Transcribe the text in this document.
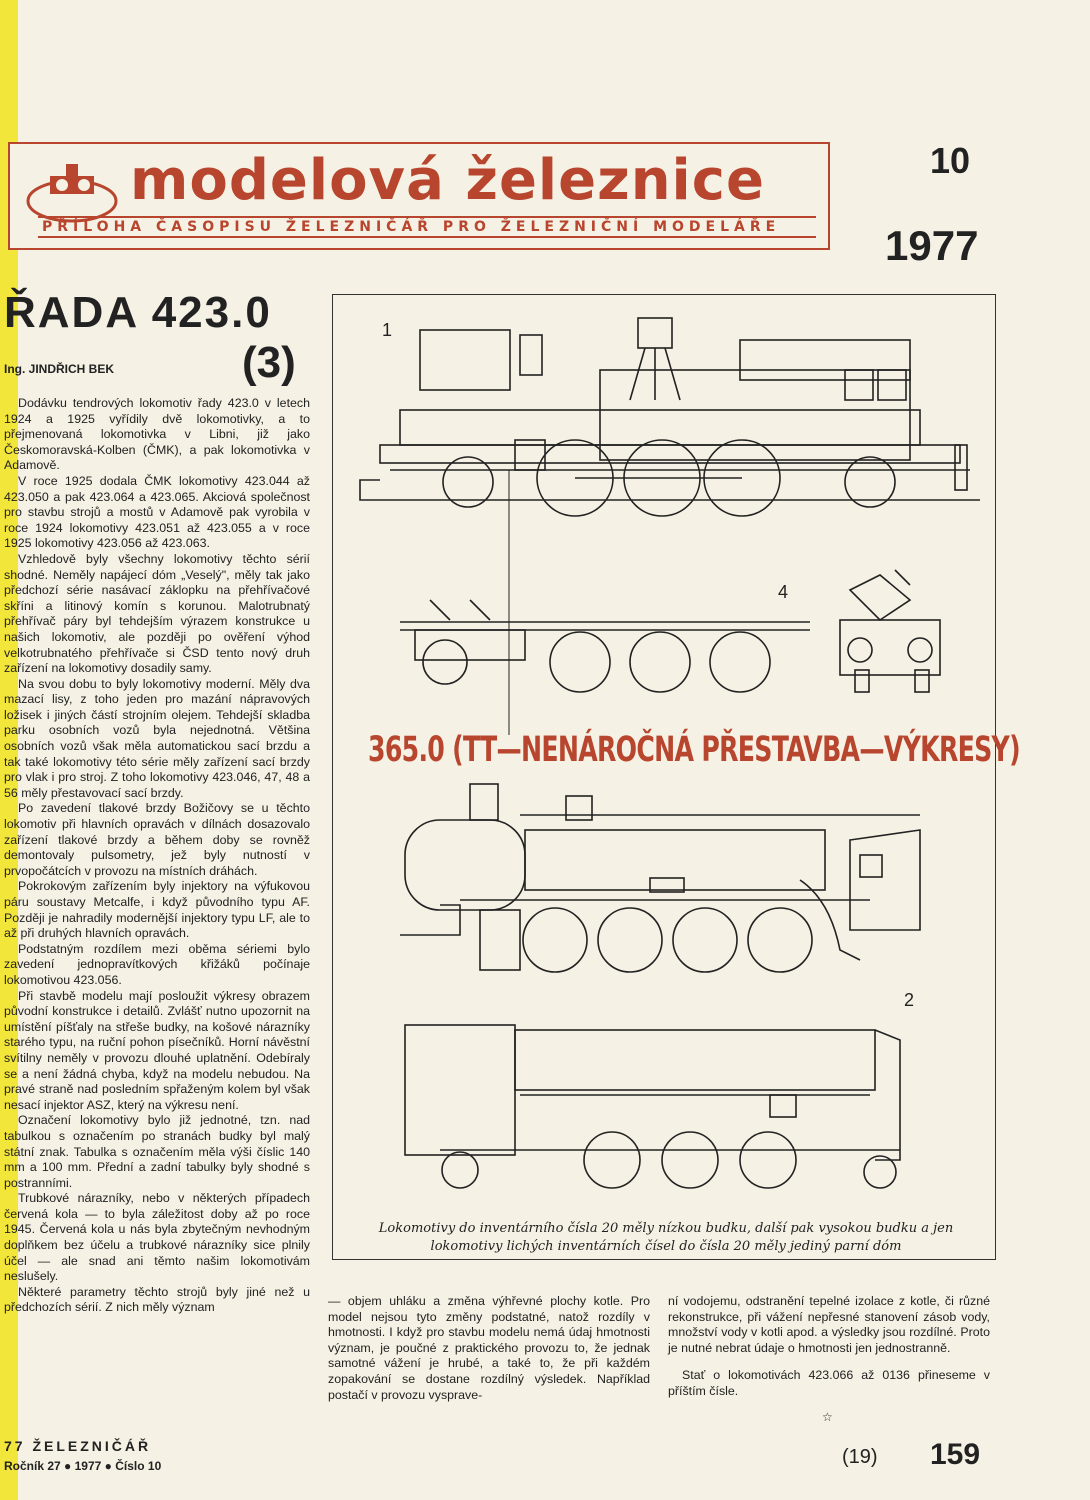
modelová železnice
PŘÍLOHA ČASOPISU ŽELEZNIČÁŘ PRO ŽELEZNIČNÍ MODELÁŘE
10
1977
ŘADA 423.0
Ing. JINDŘICH BEK	(3)

Dodávku tendrových lokomotiv řady 423.0 v letech 1924 a 1925 vyřídily dvě lokomotivky, a to přejmenovaná lokomotivka v Libni, již jako Českomoravská-Kolben (ČMK), a pak lokomotivka v Adamově.

V roce 1925 dodala ČMK lokomotivy 423.044 až 423.050 a pak 423.064 a 423.065. Akciová společnost pro stavbu strojů a mostů v Adamově pak vyrobila v roce 1924 lokomotivy 423.051 až 423.055 a v roce 1925 lokomotivy 423.056 až 423.063.

Vzhledově byly všechny lokomotivy těchto sérií shodné. Neměly napájecí dóm „Veselý", měly tak jako předchozí série nasávací záklopku na přehřívačové skříni a litinový komín s korunou. Malotrubnatý přehřívač páry byl tehdejším výrazem konstrukce u našich lokomotiv, ale později po ověření výhod velkotrubnatého přehřívače si ČSD tento nový druh zařízení na lokomotivy dosadily samy.

Na svou dobu to byly lokomotivy moderní. Měly dva mazací lisy, z toho jeden pro mazání nápravových ložisek i jiných částí strojním olejem. Tehdejší skladba parku osobních vozů byla nejednotná. Většina osobních vozů však měla automatickou sací brzdu a tak také lokomotivy této série měly zařízení sací brzdy pro vlak i pro stroj. Z toho lokomotivy 423.046, 47, 48 a 56 měly přestavovací sací brzdy.

Po zavedení tlakové brzdy Božičovy se u těchto lokomotiv při hlavních opravách v dílnách dosazovalo zařízení tlakové brzdy a během doby se rovněž demontovaly pulsometry, jež byly nutností v prvopočátcích v provozu na místních dráhách.

Pokrokovým zařízením byly injektory na výfukovou páru soustavy Metcalfe, i když původního typu AF. Později je nahradily modernější injektory typu LF, ale to až při druhých hlavních opravách.

Podstatným rozdílem mezi oběma sériemi bylo zavedení jednopravítkových křižáků počínaje lokomotivou 423.056.

Při stavbě modelu mají posloužit výkresy obrazem původní konstrukce i detailů. Zvlášť nutno upozornit na umístění píšťaly na střeše budky, na košové nárazníky starého typu, na ruční pohon písečníků. Horní návěstní svítilny neměly v provozu dlouhé uplatnění. Odebíraly se a není žádná chyba, když na modelu nebudou. Na pravé straně nad posledním spřaženým kolem byl však nesací injektor ASZ, který na výkresu není.

Označení lokomotivy bylo již jednotné, tzn. nad tabulkou s označením po stranách budky byl malý státní znak. Tabulka s označením měla výši číslic 140 mm a 100 mm. Přední a zadní tabulky byly shodné s postranními.

Trubkové nárazníky, nebo v některých případech červená kola — to byla záležitost doby až po roce 1945. Červená kola u nás byla zbytečným nevhodným doplňkem bez účelu a trubkové nárazníky sice plnily účel — ale snad ani těmto našim lokomotivám neslušely.

Některé parametry těchto strojů byly jiné než u předchozích sérií. Z nich měly význam

1
4
2
365.0 (TT—NENÁROČNÁ PŘESTAVBA—VÝKRESY)
Lokomotivy do inventárního čísla 20 měly nízkou budku, další pak vysokou budku a jen lokomotivy lichých inventárních čísel do čísla 20 měly jediný parní dóm

— objem uhláku a změna výhřevné plochy kotle. Pro model nejsou tyto změny podstatné, natož rozdíly v hmotnosti. I když pro stavbu modelu nemá údaj hmotnosti význam, je poučné z praktického provozu to, že jednak samotné vážení je hrubé, a také to, že při každém zopakování se dostane rozdílný výsledek. Například postačí v provozu vysprave-

ní vodojemu, odstranění tepelné izolace z kotle, či různé rekonstrukce, při vážení nepřesné stanovení zásob vody, množství vody v kotli apod. a výsledky jsou rozdílné. Proto je nutné nebrat údaje o hmotnosti jen jednostranně.

Stať o lokomotivách 423.066 až 0136 přineseme v příštím čísle.

☆
77 ŽELEZNIČÁŘ
Ročník 27 ● 1977 ● Číslo 10	(19) 159
